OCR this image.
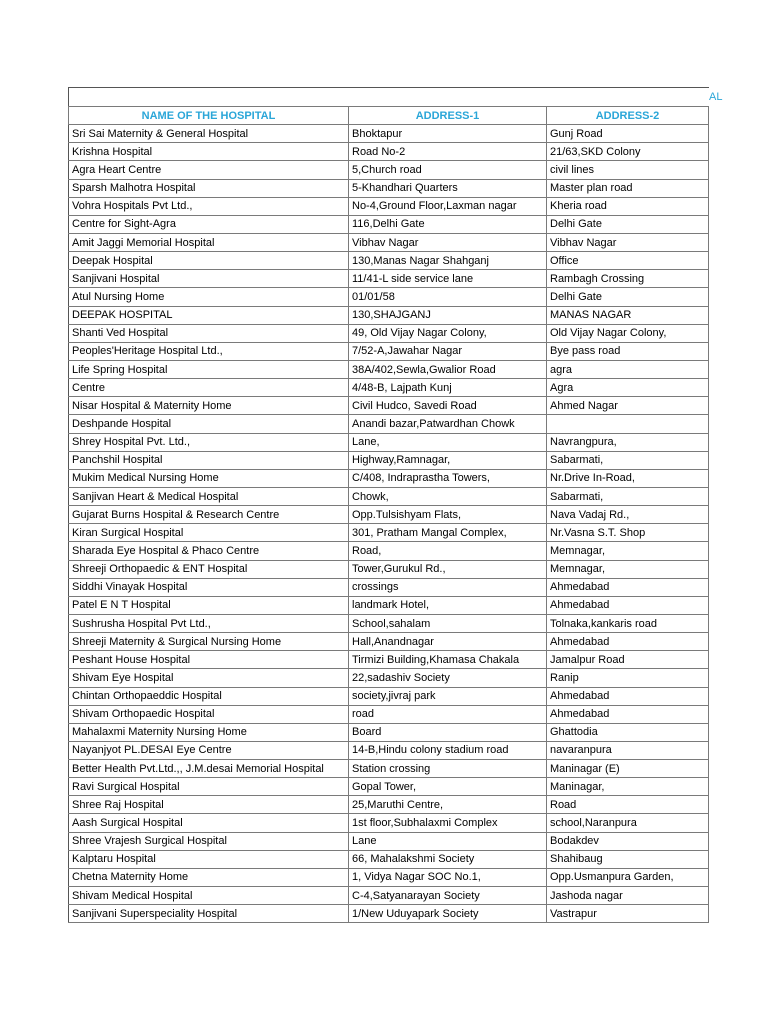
AL		
NAME OF THE HOSPITAL	ADDRESS-1	ADDRESS-2
Sri Sai Maternity & General Hospital	Bhoktapur	Gunj Road
Krishna Hospital	Road No-2	21/63,SKD Colony
Agra Heart Centre	5,Church road	civil lines
Sparsh Malhotra Hospital	5-Khandhari Quarters	Master plan road
Vohra Hospitals Pvt Ltd.,	No-4,Ground Floor,Laxman nagar	Kheria road
Centre for Sight-Agra	116,Delhi Gate	Delhi Gate
Amit Jaggi Memorial Hospital	Vibhav Nagar	Vibhav Nagar
Deepak Hospital	130,Manas Nagar Shahganj	Office
Sanjivani Hospital	11/41-L side service lane	Rambagh Crossing
Atul Nursing Home	01/01/58	Delhi Gate
DEEPAK HOSPITAL	130,SHAJGANJ	MANAS NAGAR
Shanti Ved Hospital	49, Old Vijay Nagar Colony,	Old Vijay Nagar Colony,
Peoples'Heritage Hospital Ltd.,	7/52-A,Jawahar Nagar	Bye pass road
Life Spring Hospital	38A/402,Sewla,Gwalior Road	agra
Centre	4/48-B, Lajpath Kunj	Agra
Nisar Hospital & Maternity Home	Civil Hudco, Savedi Road	Ahmed Nagar
Deshpande Hospital	Anandi bazar,Patwardhan Chowk	
Shrey Hospital Pvt. Ltd.,	Lane,	Navrangpura,
Panchshil Hospital	Highway,Ramnagar,	Sabarmati,
Mukim Medical Nursing Home	C/408, Indraprastha Towers,	Nr.Drive In-Road,
Sanjivan Heart & Medical Hospital	Chowk,	Sabarmati,
Gujarat Burns Hospital & Research Centre	Opp.Tulsishyam Flats,	Nava Vadaj Rd.,
Kiran Surgical Hospital	301, Pratham Mangal Complex,	Nr.Vasna S.T. Shop
Sharada Eye Hospital & Phaco Centre	Road,	Memnagar,
Shreeji Orthopaedic & ENT Hospital	Tower,Gurukul Rd.,	Memnagar,
Siddhi Vinayak Hospital	crossings	Ahmedabad
Patel E N T Hospital	landmark Hotel,	Ahmedabad
Sushrusha Hospital Pvt Ltd.,	School,sahalam	Tolnaka,kankaris road
Shreeji Maternity & Surgical Nursing Home	Hall,Anandnagar	Ahmedabad
Peshant House Hospital	Tirmizi Building,Khamasa Chakala	Jamalpur Road
Shivam Eye Hospital	22,sadashiv Society	Ranip
Chintan Orthopaeddic Hospital	society,jivraj park	Ahmedabad
Shivam Orthopaedic Hospital	road	Ahmedabad
Mahalaxmi Maternity Nursing Home	Board	Ghattodia
Nayanjyot PL.DESAI Eye Centre	14-B,Hindu colony stadium road	navaranpura
Better Health Pvt.Ltd.,, J.M.desai Memorial Hospital	Station crossing	Maninagar (E)
Ravi Surgical Hospital	Gopal Tower,	Maninagar,
Shree Raj Hospital	25,Maruthi Centre,	Road
Aash Surgical Hospital	1st floor,Subhalaxmi Complex	school,Naranpura
Shree Vrajesh Surgical Hospital	Lane	Bodakdev
Kalptaru Hospital	66, Mahalakshmi Society	Shahibaug
Chetna Maternity Home	1, Vidya Nagar SOC No.1,	Opp.Usmanpura Garden,
Shivam Medical Hospital	C-4,Satyanarayan Society	Jashoda nagar
Sanjivani Superspeciality Hospital	1/New Uduyapark Society	Vastrapur
